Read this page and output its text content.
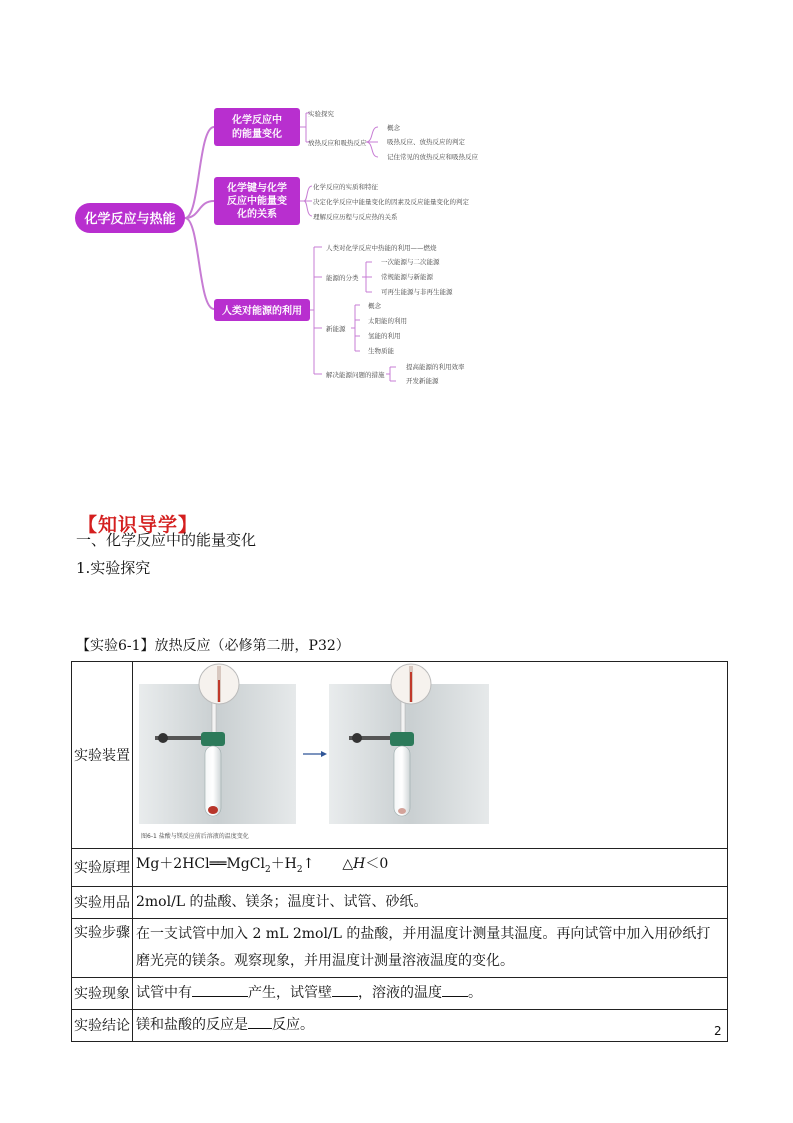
化学反应与热能
化学反应中
的能量变化
实验探究
放热反应和吸热反应
概念
吸热反应、放热反应的判定
记住常见的放热反应和吸热反应
化学键与化学
反应中能量变
化的关系
化学反应的实质和特征
决定化学反应中能量变化的因素及反应能量变化的判定
理解反应历程与反应热的关系
人类对能源的利用
人类对化学反应中热能的利用——燃烧
能源的分类
新能源
解决能源问题的措施
一次能源与二次能源
常规能源与新能源
可再生能源与非再生能源
概念
太阳能的利用
氢能的利用
生物质能
提高能源的利用效率
开发新能源
【知识导学】
一、化学反应中的能量变化
1.实验探究
【实验6-1】放热反应（必修第二册，P32）
实验装置	图6-1 盐酸与镁反应前后溶液的温度变化

实验原理	$Mg+2HCl══MgCl_2+H_2↑$ △H＜0
实验用品	2mol/L 的盐酸、镁条；温度计、试管、砂纸。
实验步骤	在一支试管中加入 2 mL 2mol/L 的盐酸，并用温度计测量其温度。再向试管中加入用砂纸打磨光亮的镁条。观察现象，并用温度计测量溶液温度的变化。
实验现象	试管中有 产生，试管壁 ，溶液的温度 。
实验结论	镁和盐酸的反应是 反应。	2
